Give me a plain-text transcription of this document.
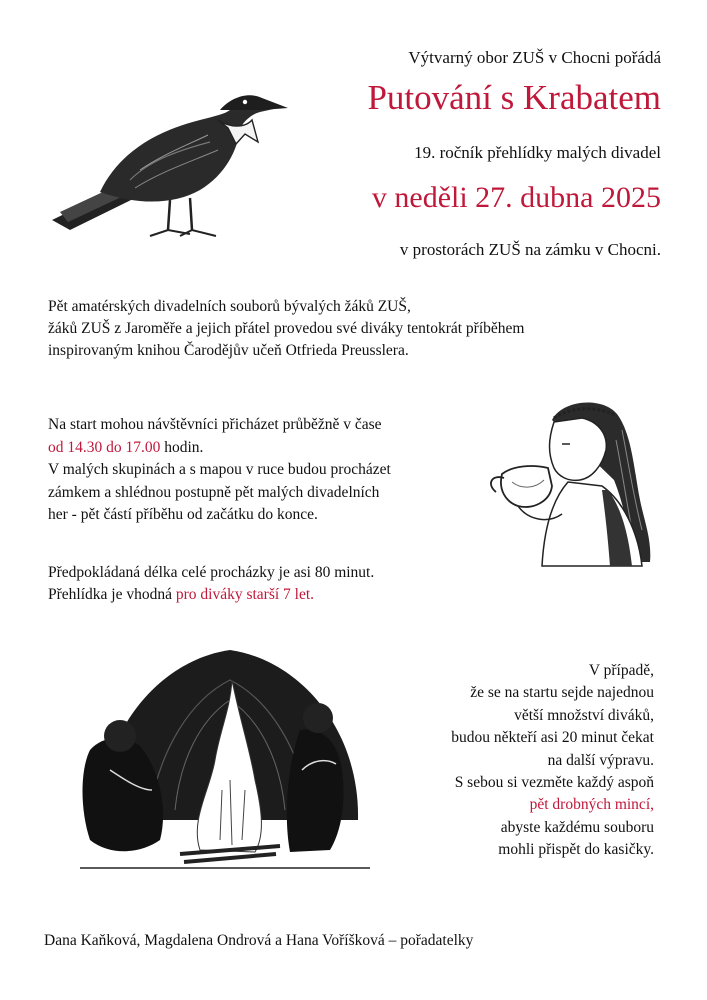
Výtvarný obor ZUŠ v Chocni pořádá
Putování s Krabatem
19. ročník přehlídky malých divadel
v neděli 27. dubna 2025
v prostorách ZUŠ na zámku v Chocni.
Pět amatérských divadelních souborů bývalých žáků ZUŠ,
žáků ZUŠ z Jaroměře a jejich přátel provedou své diváky tentokrát příběhem
inspirovaným knihou Čarodějův učeň Otfrieda Preusslera.
Na start mohou návštěvníci přicházet průběžně v čase
od 14.30 do 17.00 hodin.
V malých skupinách a s mapou v ruce budou procházet
zámkem a shlédnou postupně pět malých divadelních
her - pět částí příběhu od začátku do konce.
Předpokládaná délka celé procházky je asi 80 minut.
Přehlídka je vhodná pro diváky starší 7 let.
V případě,
že se na startu sejde najednou
větší množství diváků,
budou někteří asi 20 minut čekat
na další výpravu.
S sebou si vezměte každý aspoň
pět drobných mincí,
abyste každému souboru
mohli přispět do kasičky.
Dana Kaňková, Magdalena Ondrová a Hana Voříšková – pořadatelky
